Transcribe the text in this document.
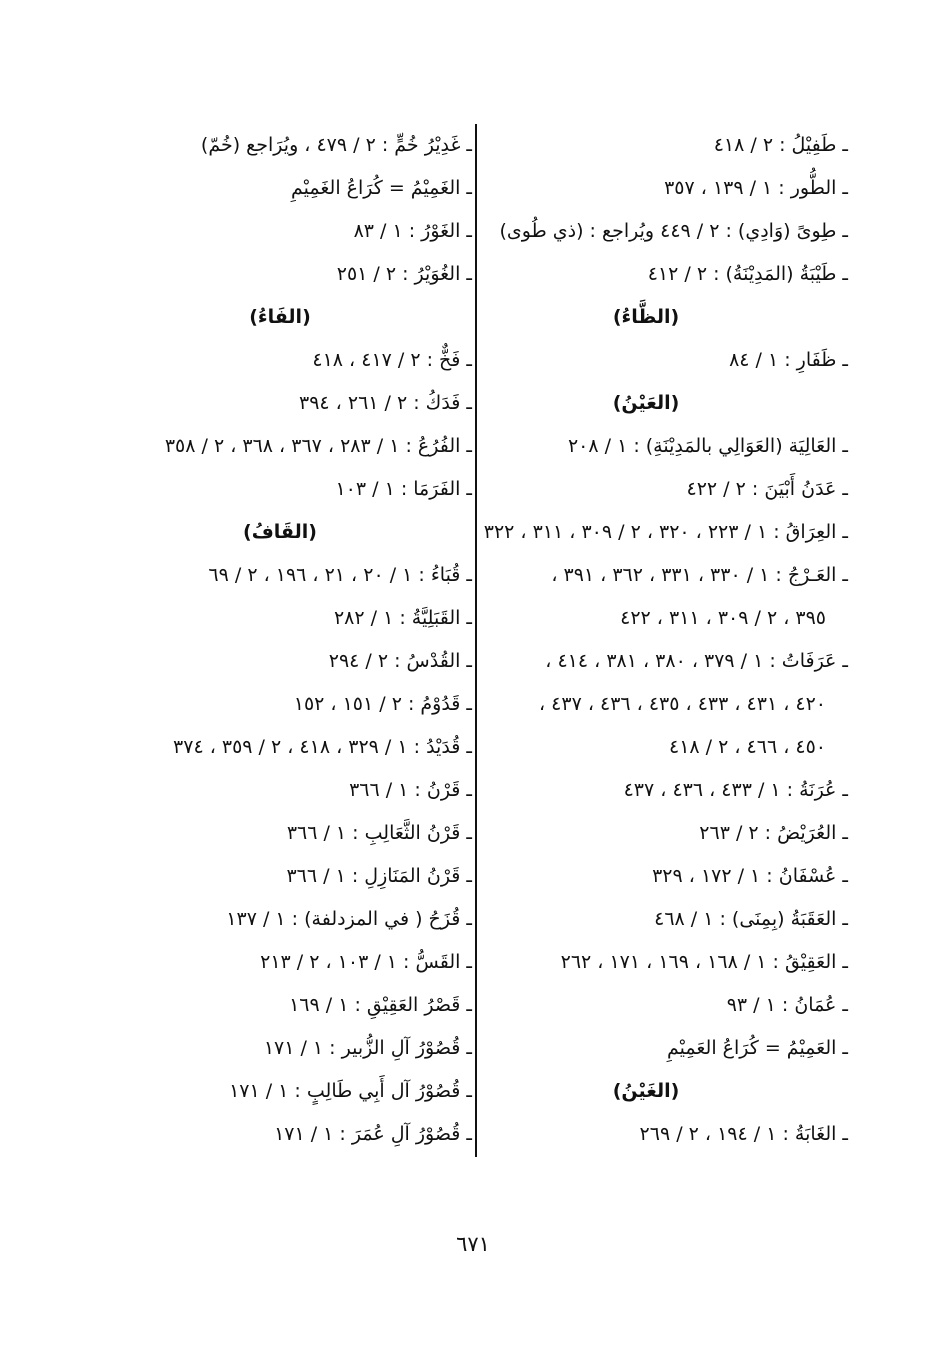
ـ طَفِيْلُ : ٢ / ٤١٨
ـ الطُّور : ١ / ١٣٩ ، ٣٥٧
ـ طِوىً (وَادِي) : ٢ / ٤٤٩ ويُراجع : (ذي طُوى)
ـ طَيْبَةُ (المَدِيْنَةُ) : ٢ / ٤١٢
(الظَّاءُ)
ـ ظَفَارِ : ١ / ٨٤
(العَيْنُ)
ـ العَالِيَة (العَوَالِي بالمَدِيْنَةِ) : ١ / ٢٠٨
ـ عَدَنُ أَبْيَنَ : ٢ / ٤٢٢
ـ العِرَاقُ : ١ / ٢٢٣ ، ٣٢٠ ، ٢ / ٣٠٩ ، ٣١١ ، ٣٢٢
ـ العَـرْجُ : ١ / ٣٣٠ ، ٣٣١ ، ٣٦٢ ، ٣٩١ ،
٣٩٥ ، ٢ / ٣٠٩ ، ٣١١ ، ٤٢٢
ـ عَرَفَاتُ : ١ / ٣٧٩ ، ٣٨٠ ، ٣٨١ ، ٤١٤ ،
٤٢٠ ، ٤٣١ ، ٤٣٣ ، ٤٣٥ ، ٤٣٦ ، ٤٣٧ ،
٤٥٠ ، ٤٦٦ ، ٢ / ٤١٨
ـ عُرَنَةُ : ١ / ٤٣٣ ، ٤٣٦ ، ٤٣٧
ـ العُرَيْضُ : ٢ / ٢٦٣
ـ عُسْفَانُ : ١ / ١٧٢ ، ٣٢٩
ـ العَقَبَةُ (بِمِنَى) : ١ / ٤٦٨
ـ العَقِيْقُ : ١ / ١٦٨ ، ١٦٩ ، ١٧١ ، ٢٦٢
ـ عُمَانُ : ١ / ٩٣
ـ العَمِيْمُ = كُرَاعُ العَمِيْمِ
(الغَيْنُ)
ـ الغَابَةُ : ١ / ١٩٤ ، ٢ / ٢٦٩
ـ غَدِيْرُ خُمٍّ : ٢ / ٤٧٩ ، ويُرَاجع (خُمّ)
ـ الغَمِيْمُ = كُرَاعُ الغَمِيْمِ
ـ الغَوْرُ : ١ / ٨٣
ـ الغُوَيْرُ : ٢ / ٢٥١
(الفَاءُ)
ـ فَخٌّ : ٢ / ٤١٧ ، ٤١٨
ـ فَدَكُ : ٢ / ٢٦١ ، ٣٩٤
ـ الفُرُعُ : ١ / ٢٨٣ ، ٣٦٧ ، ٣٦٨ ، ٢ / ٣٥٨
ـ الفَرَمَا : ١ / ١٠٣
(القَافُ)
ـ قُبَاءُ : ١ / ٢٠ ، ٢١ ، ١٩٦ ، ٢ / ٦٩
ـ القَبَلِيَّةُ : ١ / ٢٨٢
ـ القُدْسُ : ٢ / ٢٩٤
ـ قَدُوْمُ : ٢ / ١٥١ ، ١٥٢
ـ قُدَيْدُ : ١ / ٣٢٩ ، ٤١٨ ، ٢ / ٣٥٩ ، ٣٧٤
ـ قَرْنُ : ١ / ٣٦٦
ـ قَرْنُ الثَّعَالِبِ : ١ / ٣٦٦
ـ قَرْنُ المَنَازِلِ : ١ / ٣٦٦
ـ قُزَحُ ( في المزدلفة) : ١ / ١٣٧
ـ القَسُّ : ١ / ١٠٣ ، ٢ / ٢١٣
ـ قَصْرُ العَقِيْقِ : ١ / ١٦٩
ـ قُصُوْرُ آلِ الزُّبير : ١ / ١٧١
ـ قُصُوْرُ آل أَبِي طَالِبٍ : ١ / ١٧١
ـ قُصُوْرُ آلِ عُمَرَ : ١ / ١٧١
٦٧١
